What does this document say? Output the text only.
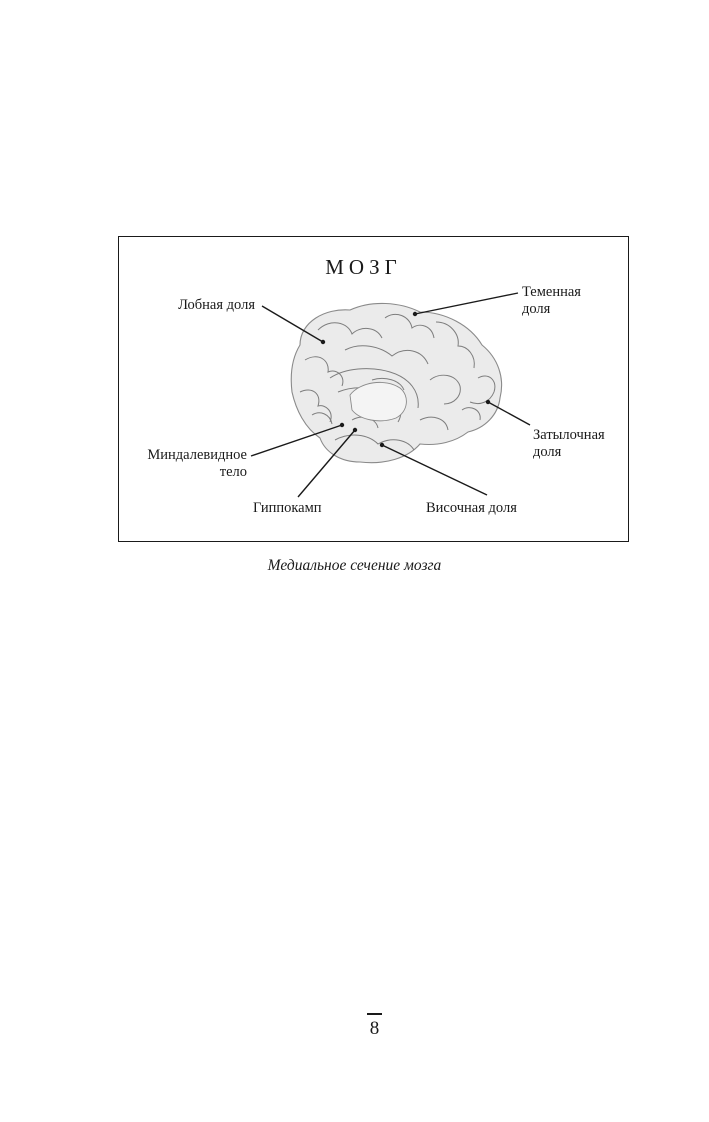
МОЗГ
Лобная доля
Теменная
доля
Затылочная
доля
Миндалевидное
тело
Гиппокамп	Височная доля
Медиальное сечение мозга
8
